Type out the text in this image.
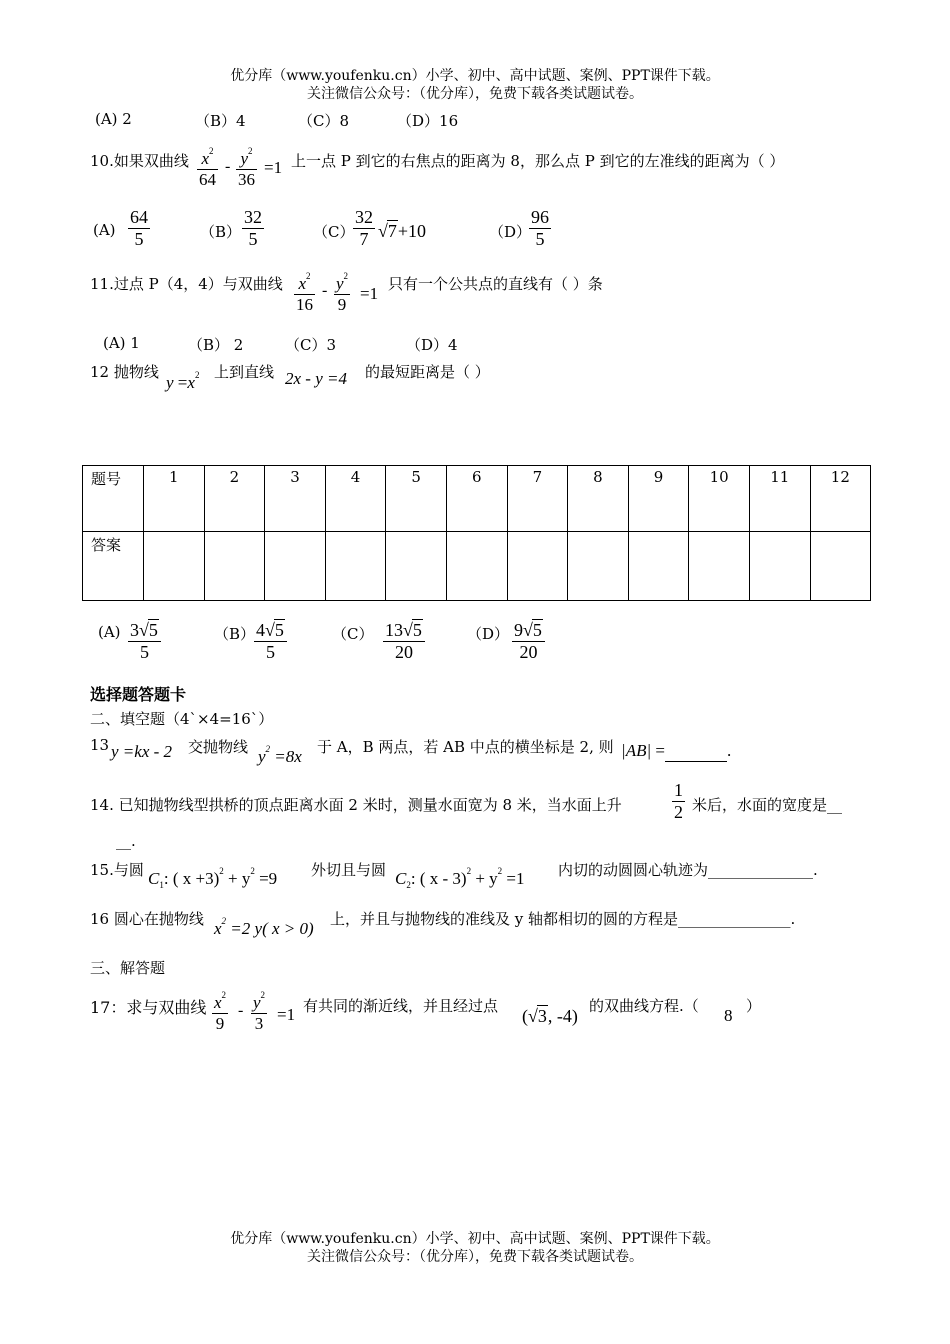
优分库（www.youfenku.cn）小学、初中、高中试题、案例、PPT课件下载。
关注微信公众号：（优分库），免费下载各类试题试卷。
(A) 2	（B）4	（C）8	（D）16
10.如果双曲线 $\frac{x^2}{64} - \frac{y^2}{36} =1$ 上一点 P 到它的右焦点的距离为 8，那么点 P 到它的左准线的距离为（ ）
$(A) \frac{64}{5}$	$(B) \frac{32}{5}$	（C）
$\frac{32}{7} √7+10$	（D）
$\frac{96}{5}$
11.过点 P（4，4）与双曲线 $\frac{x^2}{16} - \frac{y^2}{9} =1$ 只有一个公共点的直线有（ ）条
(A) 1	（B） 2	（C）3	（D）4
12 抛物线
$y =x^2$ 上到直线 2x - y =4 的最短距离是（ ）
题号	1	2	3	4	5	6	7	8	9	10	11	12
答案												
$(A) \frac{3√5}{5}$	（B）
$\frac{4√5}{5}$	$(C) \frac{13√5}{20}$	$(D) \frac{9√5}{20}$
选择题答题卡
二、填空题（4`×4=16`）
13 y =kx - 2 交抛物线 $y^2 =8x$ 于 A，B 两点，若 AB 中点的横坐标是 2, 则 |AB| =	.
14. 已知抛物线型拱桥的顶点距离水面 2 米时，测量水面宽为 8 米，当水面上升	$\frac{1}{2}$ 米后，水面的宽度是__
__.
15.与圆 $C_1$: ( $x +3)^2 + y^2 =9$ 外切且与圆 $C_2$: ( $x - 3)^2 + y^2 =1$ 内切的动圆圆心轨迹为______________.
16 圆心在抛物线 $x^2 =2$ y( x > 0) 上，并且与抛物线的准线及 y 轴都相切的圆的方程是_______________.
三、解答题
17：求与双曲线 $\frac{x^2}{9} - \frac{y^2}{3} =1$ 有共同的渐近线，并且经过点 (√3, -4) 的双曲线方程.（ 8 ）
优分库（www.youfenku.cn）小学、初中、高中试题、案例、PPT课件下载。
关注微信公众号：（优分库），免费下载各类试题试卷。
